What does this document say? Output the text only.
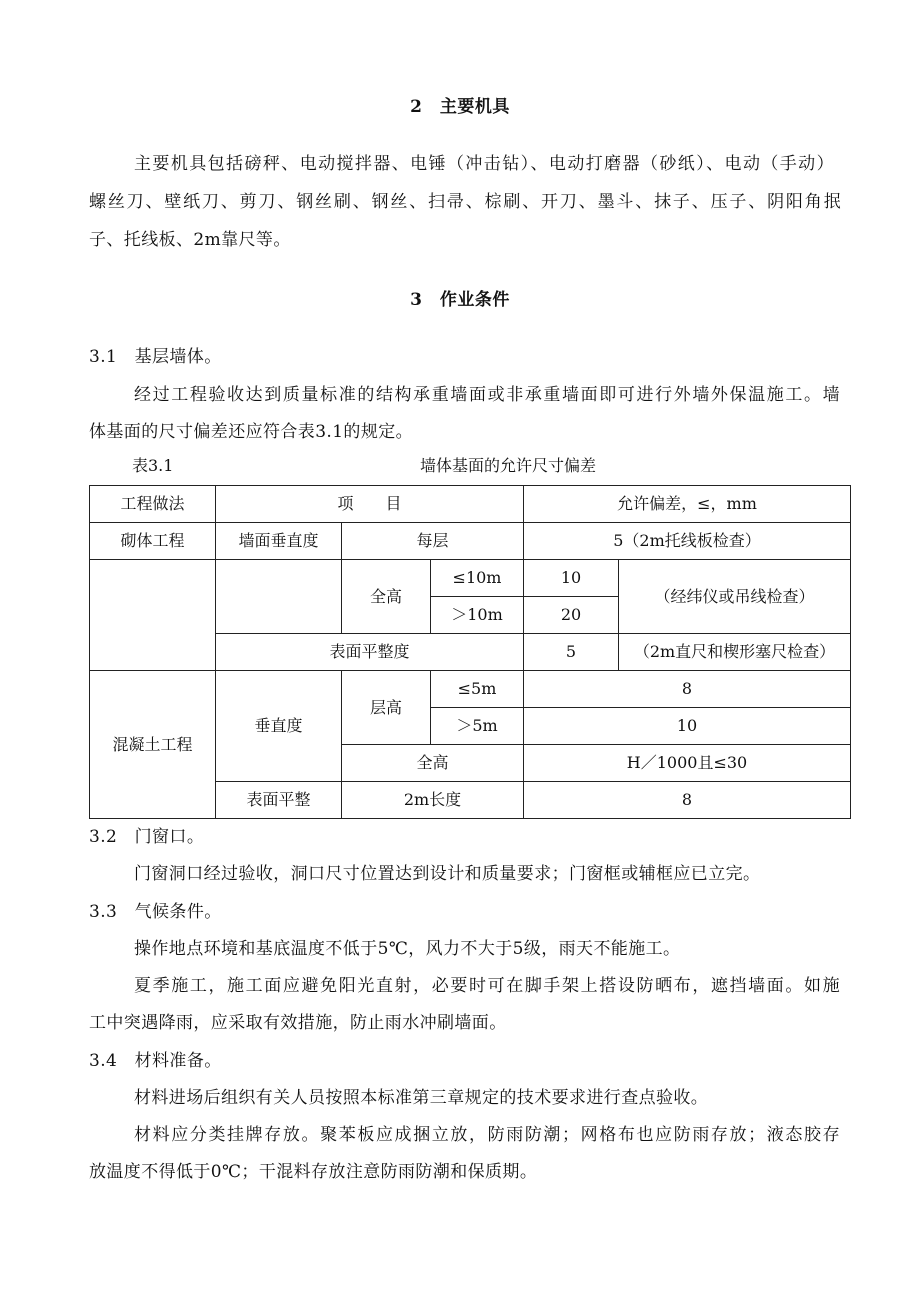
2　主要机具
主要机具包括磅秤、电动搅拌器、电锤（冲击钻）、电动打磨器（砂纸）、电动（手动）
螺丝刀、壁纸刀、剪刀、钢丝刷、钢丝、扫帚、棕刷、开刀、墨斗、抹子、压子、阴阳角抿
子、托线板、2m靠尺等。
3　作业条件
3.1　基层墙体。
经过工程验收达到质量标准的结构承重墙面或非承重墙面即可进行外墙外保温施工。墙
体基面的尺寸偏差还应符合表3.1的规定。
表3.1	墙体基面的允许尺寸偏差
工程做法	项　　目			允许偏差，≤，mm	
砌体工程	墙面垂直度	每层		5（2m托线板检查）	
		全高	≤10m	10	（经纬仪或吊线检查）
			＞10m	20	
	表面平整度			5	（2m直尺和楔形塞尺检查）
混凝土工程	垂直度	层高	≤5m	8	
			＞5m	10	
		全高		H／1000且≤30	
	表面平整	2m长度		8	
3.2　门窗口。
门窗洞口经过验收，洞口尺寸位置达到设计和质量要求；门窗框或辅框应已立完。
3.3　气候条件。
操作地点环境和基底温度不低于5℃，风力不大于5级，雨天不能施工。
夏季施工，施工面应避免阳光直射，必要时可在脚手架上搭设防晒布，遮挡墙面。如施
工中突遇降雨，应采取有效措施，防止雨水冲刷墙面。
3.4　材料准备。
材料进场后组织有关人员按照本标准第三章规定的技术要求进行查点验收。
材料应分类挂牌存放。聚苯板应成捆立放，防雨防潮；网格布也应防雨存放；液态胶存
放温度不得低于0℃；干混料存放注意防雨防潮和保质期。
